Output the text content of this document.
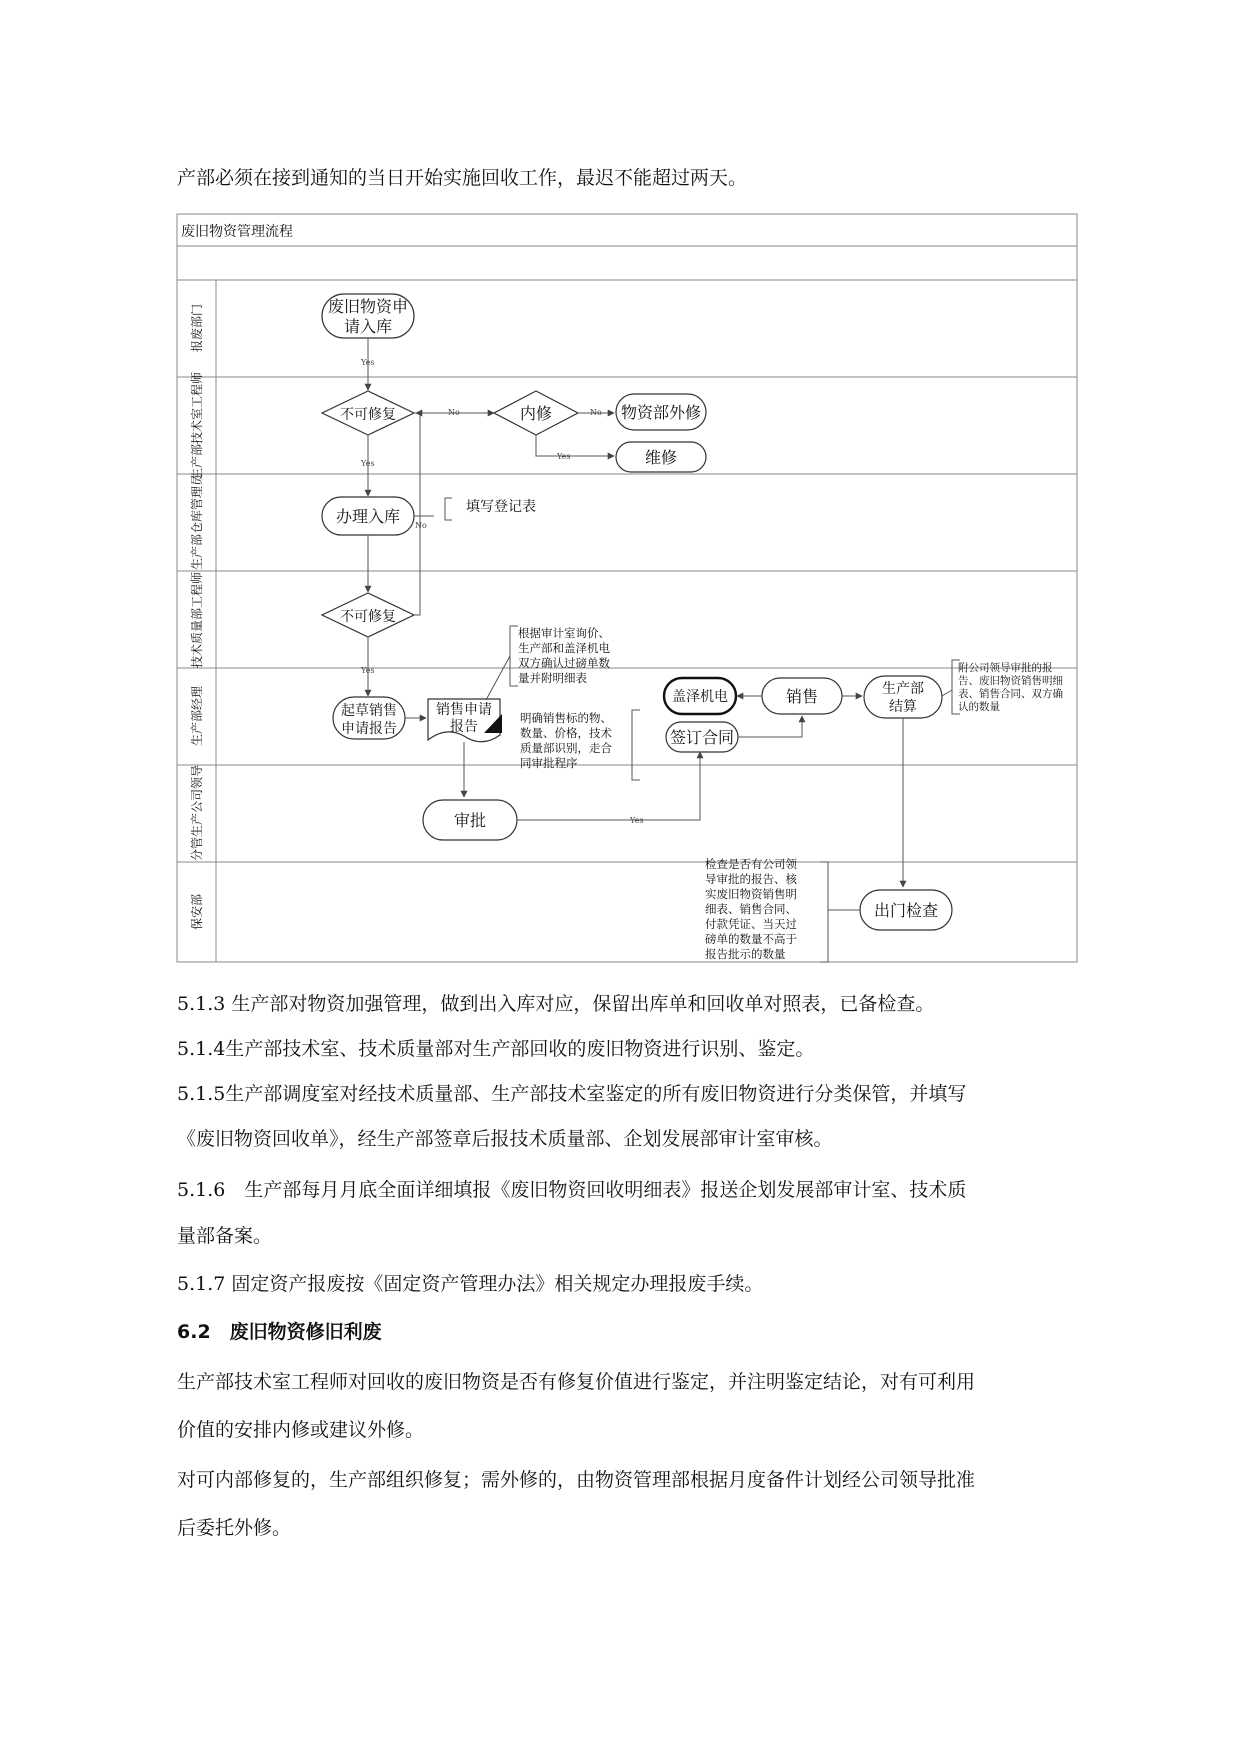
产部必须在接到通知的当日开始实施回收工作，最迟不能超过两天。
废旧物资管理流程
报废部门
生产部技术室工程师
生产部仓库管理员
技术质量部工程师
生产部经理
分管生产公司领导
保安部
废旧物资申
请入库
Yes
不可修复	No	内修	No 物资部外修
Yes	维修
Yes
办理入库	填写登记表
不可修复
No
Yes
起草销售
申请报告
销售申请
报告
根据审计室询价、
生产部和盖泽机电
双方确认过磅单数
量并附明细表
明确销售标的物、
数量、价格，技术
质量部识别，走合
同审批程序
审批	Yes
签订合同
销售
盖泽机电	生产部
结算
附公司领导审批的报
告、废旧物资销售明细
表、销售合同、双方确
认的数量
出门检查
检查是否有公司领
导审批的报告、核
实废旧物资销售明
细表、销售合同、
付款凭证、当天过
磅单的数量不高于
报告批示的数量
5.1.3 生产部对物资加强管理，做到出入库对应，保留出库单和回收单对照表，已备检查。
5.1.4生产部技术室、技术质量部对生产部回收的废旧物资进行识别、鉴定。
5.1.5生产部调度室对经技术质量部、生产部技术室鉴定的所有废旧物资进行分类保管，并填写
《废旧物资回收单》，经生产部签章后报技术质量部、企划发展部审计室审核。
5.1.6　生产部每月月底全面详细填报《废旧物资回收明细表》报送企划发展部审计室、技术质
量部备案。
5.1.7 固定资产报废按《固定资产管理办法》相关规定办理报废手续。
6.2　废旧物资修旧利废
生产部技术室工程师对回收的废旧物资是否有修复价值进行鉴定，并注明鉴定结论，对有可利用
价值的安排内修或建议外修。
对可内部修复的，生产部组织修复；需外修的，由物资管理部根据月度备件计划经公司领导批准
后委托外修。
